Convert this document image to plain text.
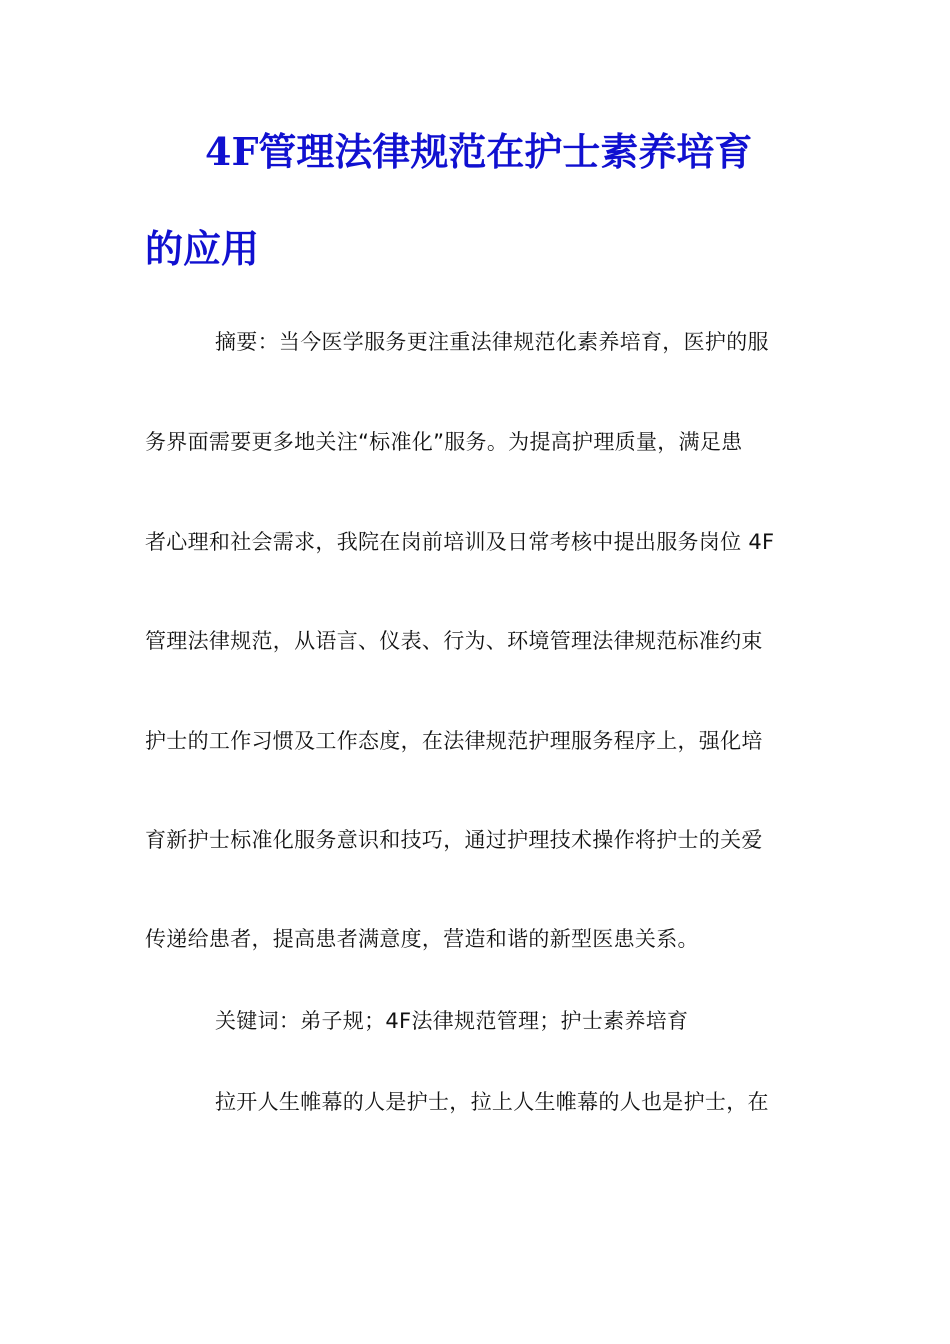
4F管理法律规范在护士素养培育
的应用

摘要：当今医学服务更注重法律规范化素养培育，医护的服

务界面需要更多地关注“标准化”服务。为提高护理质量，满足患

者心理和社会需求，我院在岗前培训及日常考核中提出服务岗位 4F

管理法律规范，从语言、仪表、行为、环境管理法律规范标准约束

护士的工作习惯及工作态度，在法律规范护理服务程序上，强化培

育新护士标准化服务意识和技巧，通过护理技术操作将护士的关爱

传递给患者，提高患者满意度，营造和谐的新型医患关系。

关键词：弟子规；4F法律规范管理；护士素养培育

拉开人生帷幕的人是护士，拉上人生帷幕的人也是护士，在
